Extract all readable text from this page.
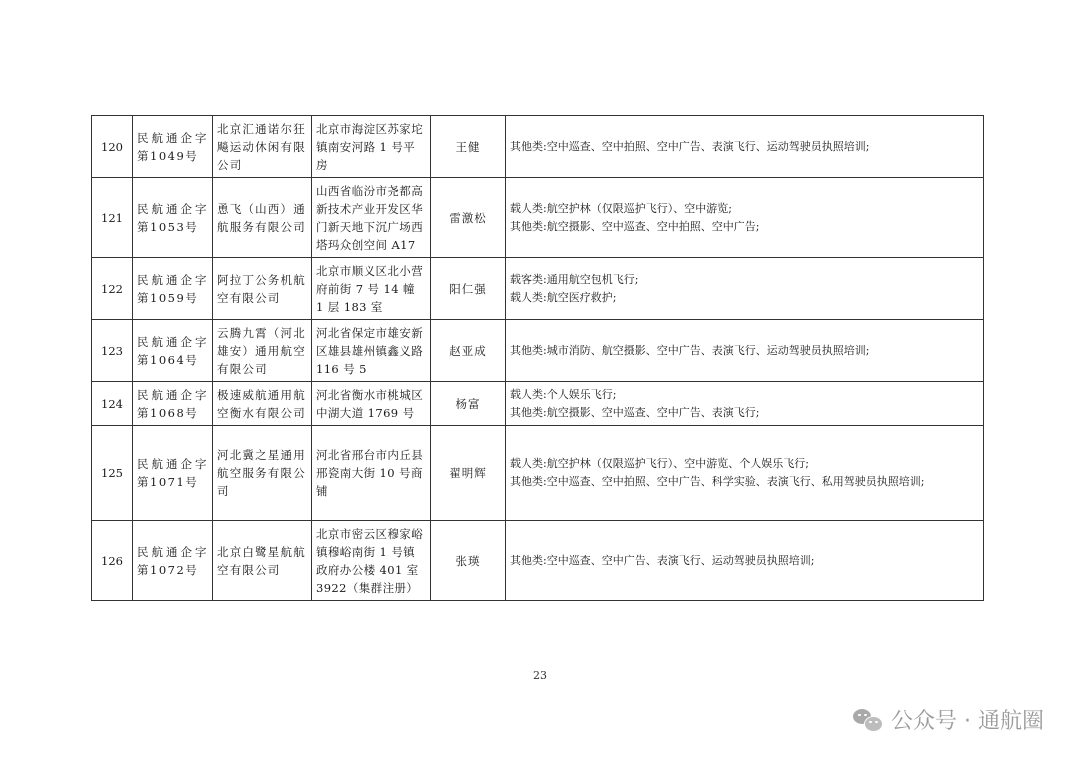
120	民航通企字第1049号	北京汇通诺尔狂飚运动休闲有限公司	北京市海淀区苏家坨镇南安河路 1 号平房	王健	其他类:空中巡查、空中拍照、空中广告、表演飞行、运动驾驶员执照培训;

121	民航通企字第1053号	恿飞（山西）通航服务有限公司	山西省临汾市尧都高新技术产业开发区华门新天地下沉广场西塔玛众创空间 A17	雷激松	载人类:航空护林（仅限巡护飞行）、空中游览;
其他类:航空摄影、空中巡查、空中拍照、空中广告;

122	民航通企字第1059号	阿拉丁公务机航空有限公司	北京市顺义区北小营府前街 7 号 14 幢 1 层 183 室	阳仁强	载客类:通用航空包机飞行;
载人类:航空医疗救护;

123	民航通企字第1064号	云腾九霄（河北雄安）通用航空有限公司	河北省保定市雄安新区雄县雄州镇鑫义路 116 号 5	赵亚成	其他类:城市消防、航空摄影、空中广告、表演飞行、运动驾驶员执照培训;

124	民航通企字第1068号	极速威航通用航空衡水有限公司	河北省衡水市桃城区中湖大道 1769 号	杨富	载人类:个人娱乐飞行;
其他类:航空摄影、空中巡查、空中广告、表演飞行;

125	民航通企字第1071号	河北冀之星通用航空服务有限公司	河北省邢台市内丘县邢瓷南大街 10 号商铺	翟明辉	载人类:航空护林（仅限巡护飞行）、空中游览、个人娱乐飞行;
其他类:空中巡查、空中拍照、空中广告、科学实验、表演飞行、私用驾驶员执照培训;

126	民航通企字第1072号	北京白鹭星航航空有限公司	北京市密云区穆家峪镇穆峪南街 1 号镇政府办公楼 401 室 3922（集群注册）	张瑛	其他类:空中巡查、空中广告、表演飞行、运动驾驶员执照培训;
23
公众号 · 通航圈
